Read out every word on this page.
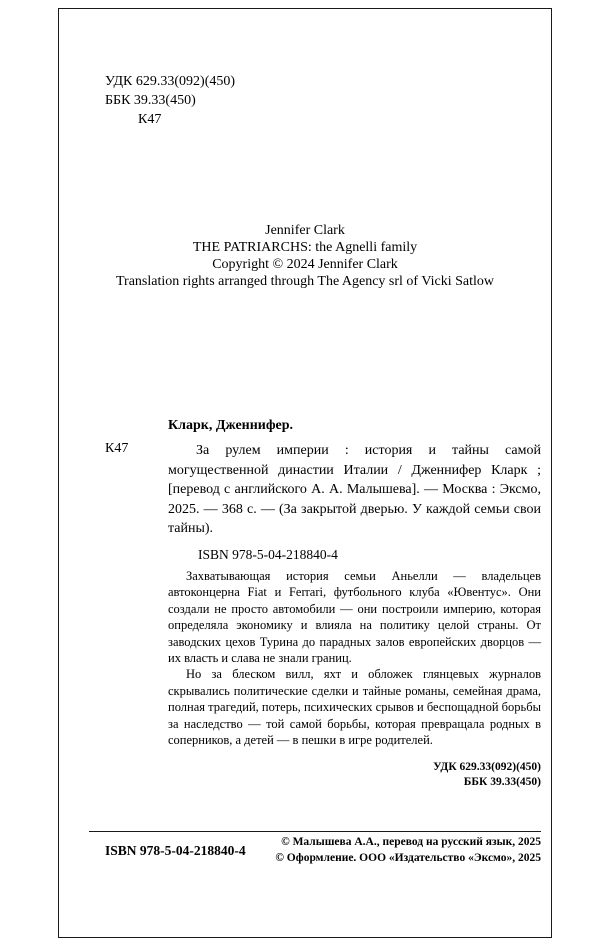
УДК 629.33(092)(450)
ББК 39.33(450)
К47
Jennifer Clark
THE PATRIARCHS: the Agnelli family
Copyright © 2024 Jennifer Clark
Translation rights arranged through The Agency srl of Vicki Satlow
К47
Кларк, Дженнифер.

За рулем империи : история и тайны самой могущественной династии Италии / Дженнифер Кларк ; [перевод с английского А. А. Малышева]. — Москва : Эксмо, 2025. — 368 с. — (За закрытой дверью. У каждой семьи свои тайны).

ISBN 978-5-04-218840-4

Захватывающая история семьи Аньелли — владельцев автоконцерна Fiat и Ferrari, футбольного клуба «Ювентус». Они создали не просто автомобили — они построили империю, которая определяла экономику и влияла на политику целой страны. От заводских цехов Турина до парадных залов европейских дворцов — их власть и слава не знали границ.

Но за блеском вилл, яхт и обложек глянцевых журналов скрывались политические сделки и тайные романы, семейная драма, полная трагедий, потерь, психических срывов и беспощадной борьбы за наследство — той самой борьбы, которая превращала родных в соперников, а детей — в пешки в игре родителей.

УДК 629.33(092)(450)
ББК 39.33(450)
ISBN 978-5-04-218840-4
© Малышева А.А., перевод на русский язык, 2025
© Оформление. ООО «Издательство «Эксмо», 2025
